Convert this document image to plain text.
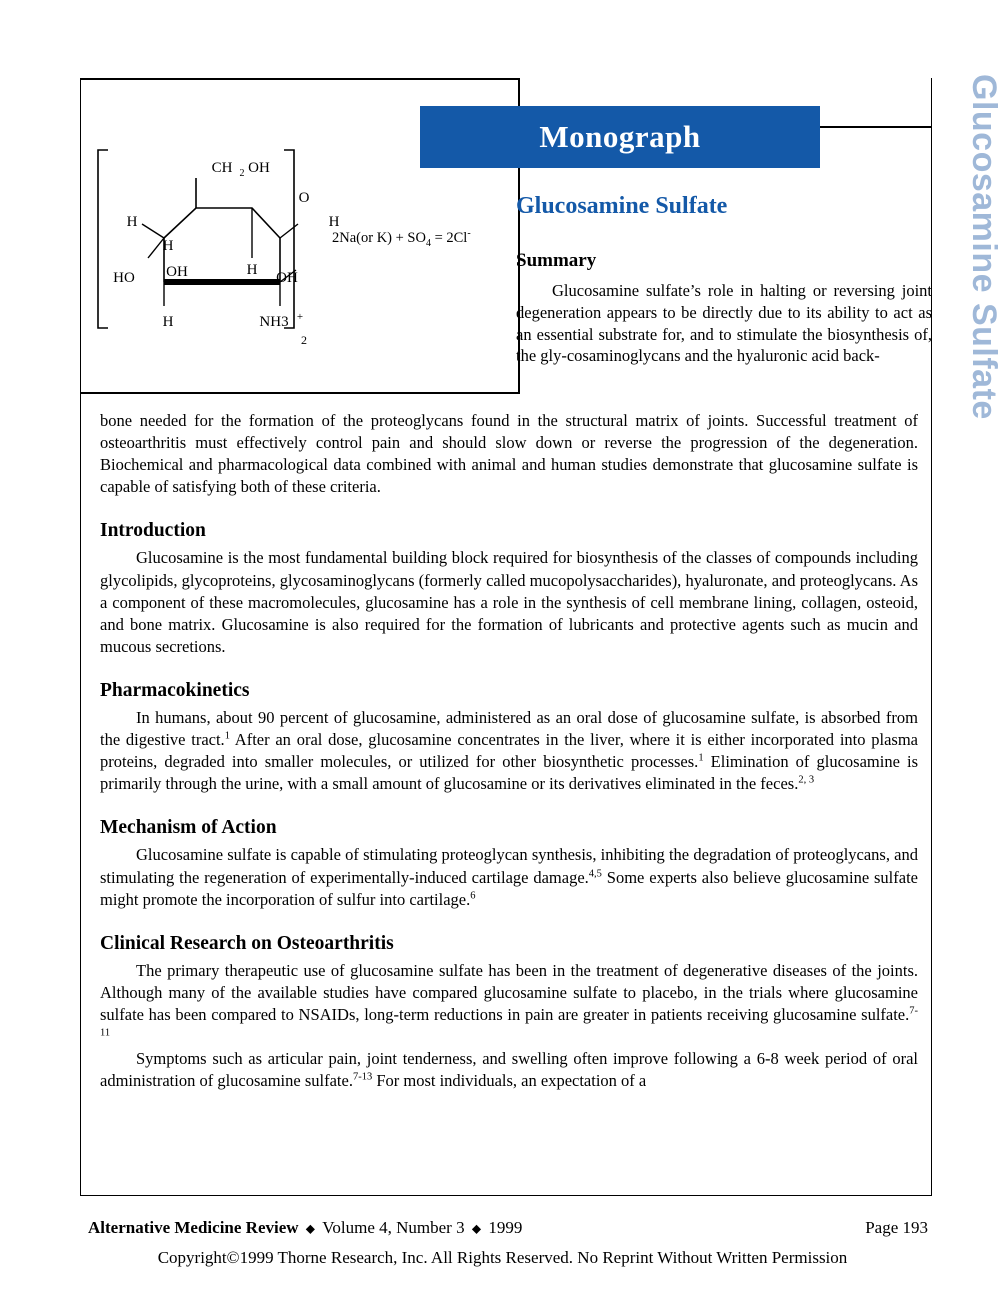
Glucosamine Sulfate
Monograph
CH 2 OH
O
H
H
H
HO OH	H OH
H	NH3 +
2
2Na(or $K) + SO_4 = 2Cl^-$
Glucosamine Sulfate
Summary
Glucosamine sulfate’s role in halting or reversing joint degeneration appears to be directly due to its ability to act as an essential substrate for, and to stimulate the biosynthesis of, the gly-cosaminoglycans and the hyaluronic acid back-

bone needed for the formation of the proteoglycans found in the structural matrix of joints. Successful treatment of osteoarthritis must effectively control pain and should slow down or reverse the progression of the degeneration. Biochemical and pharmacological data combined with animal and human studies demonstrate that glucosamine sulfate is capable of satisfying both of these criteria.

Introduction

Glucosamine is the most fundamental building block required for biosynthesis of the classes of compounds including glycolipids, glycoproteins, glycosaminoglycans (formerly called mucopolysaccharides), hyaluronate, and proteoglycans. As a component of these macromolecules, glucosamine has a role in the synthesis of cell membrane lining, collagen, osteoid, and bone matrix. Glucosamine is also required for the formation of lubricants and protective agents such as mucin and mucous secretions.

Pharmacokinetics

In humans, about 90 percent of glucosamine, administered as an oral dose of glucosamine sulfate, is absorbed from the digestive tract.$^1$ After an oral dose, glucosamine concentrates in the liver, where it is either incorporated into plasma proteins, degraded into smaller molecules, or utilized for other biosynthetic processes.$^1$ Elimination of glucosamine is primarily through the urine, with a small amount of glucosamine or its derivatives eliminated in the feces.$^{2, 3}$

Mechanism of Action

Glucosamine sulfate is capable of stimulating proteoglycan synthesis, inhibiting the degradation of proteoglycans, and stimulating the regeneration of experimentally-induced cartilage damage.$^{4,5}$ Some experts also believe glucosamine sulfate might promote the incorporation of sulfur into cartilage.$^6$

Clinical Research on Osteoarthritis

The primary therapeutic use of glucosamine sulfate has been in the treatment of degenerative diseases of the joints. Although many of the available studies have compared glucosamine sulfate to placebo, in the trials where glucosamine sulfate has been compared to NSAIDs, long-term reductions in pain are greater in patients receiving glucosamine sulfate.$^{7-11}$

Symptoms such as articular pain, joint tenderness, and swelling often improve following a 6-8 week period of oral administration of glucosamine sulfate.$^{7-13}$ For most individuals, an expectation of a

Alternative Medicine Review  ◆  Volume 4, Number 3  ◆  1999	Page 193
Copyright©1999 Thorne Research, Inc. All Rights Reserved. No Reprint Without Written Permission
